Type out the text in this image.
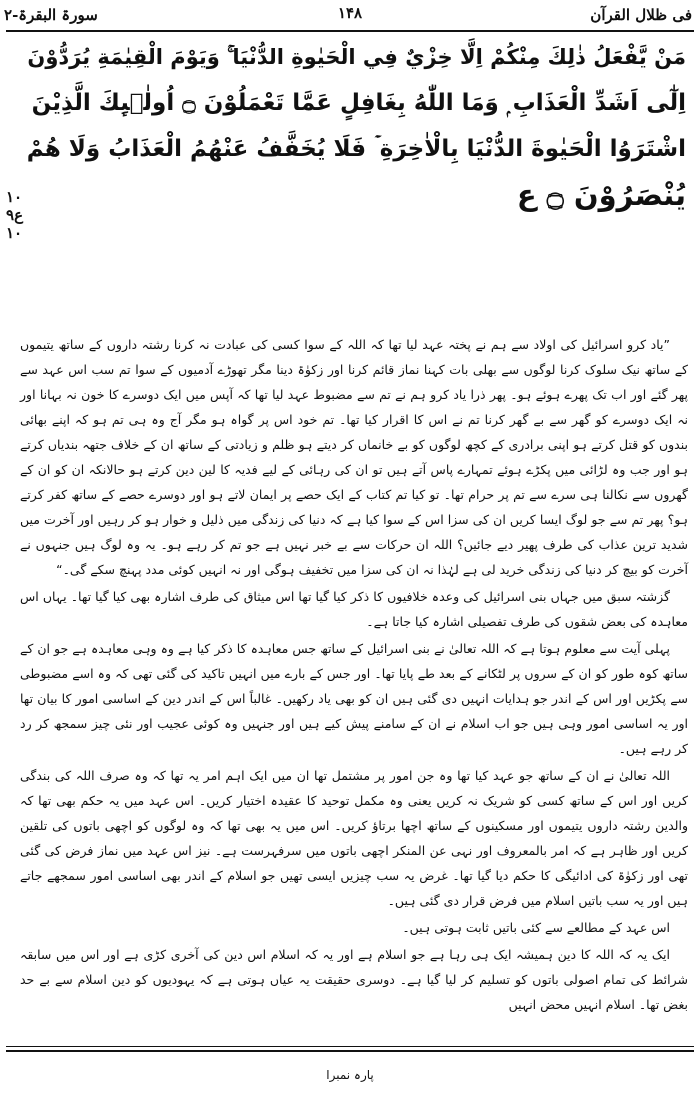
سورۃ البقرۃ-۲	۱۴۸	فی ظلال القرآن
۱۰
ع۹
۱۰
مَنْ يَّفْعَلُ ذٰلِكَ مِنْكُمْ اِلَّا خِزْيٌ فِي الْحَيٰوةِ الدُّنْيَا ۚ وَيَوْمَ الْقِيٰمَةِ يُرَدُّوْنَ
اِلٰٓى اَشَدِّ الْعَذَابِ ۭ وَمَا اللّٰهُ بِغَافِلٍ عَمَّا تَعْمَلُوْنَ ۝ اُولٰۗىِٕكَ الَّذِيْنَ
اشْتَرَوُا الْحَيٰوةَ الدُّنْيَا بِالْاٰخِرَةِ ۡ فَلَا يُخَفَّفُ عَنْهُمُ الْعَذَابُ وَلَا هُمْ
يُنْصَرُوْنَ ۝ ع

”یاد کرو اسرائیل کی اولاد سے ہم نے پختہ عہد لیا تھا کہ اللہ کے سوا کسی کی عبادت نہ کرنا رشتہ داروں کے ساتھ یتیموں کے ساتھ نیک سلوک کرنا لوگوں سے بھلی بات کہنا نماز قائم کرنا اور زکوٰۃ دینا مگر تھوڑے آدمیوں کے سوا تم سب اس عہد سے پھر گئے اور اب تک پھرے ہوئے ہو۔ پھر ذرا یاد کرو ہم نے تم سے مضبوط عہد لیا تھا کہ آپس میں ایک دوسرے کا خون نہ بہانا اور نہ ایک دوسرے کو گھر سے بے گھر کرنا تم نے اس کا اقرار کیا تھا۔ تم خود اس پر گواہ ہو مگر آج وہ ہی تم ہو کہ اپنے بھائی بندوں کو قتل کرتے ہو اپنی برادری کے کچھ لوگوں کو بے خانماں کر دیتے ہو ظلم و زیادتی کے ساتھ ان کے خلاف جتھہ بندیاں کرتے ہو اور جب وہ لڑائی میں پکڑے ہوئے تمہارے پاس آتے ہیں تو ان کی رہائی کے لیے فدیہ کا لین دین کرتے ہو حالانکہ ان کو ان کے گھروں سے نکالنا ہی سرے سے تم پر حرام تھا۔ تو کیا تم کتاب کے ایک حصے پر ایمان لاتے ہو اور دوسرے حصے کے ساتھ کفر کرتے ہو؟ پھر تم سے جو لوگ ایسا کریں ان کی سزا اس کے سوا کیا ہے کہ دنیا کی زندگی میں ذلیل و خوار ہو کر رہیں اور آخرت میں شدید ترین عذاب کی طرف پھیر دیے جائیں؟ اللہ ان حرکات سے بے خبر نہیں ہے جو تم کر رہے ہو۔ یہ وہ لوگ ہیں جنہوں نے آخرت کو بیچ کر دنیا کی زندگی خرید لی ہے لہٰذا نہ ان کی سزا میں تخفیف ہوگی اور نہ انہیں کوئی مدد پہنچ سکے گی۔“

گزشتہ سبق میں جہاں بنی اسرائیل کی وعدہ خلافیوں کا ذکر کیا گیا تھا اس میثاق کی طرف اشارہ بھی کیا گیا تھا۔ یہاں اس معاہدہ کی بعض شقوں کی طرف تفصیلی اشارہ کیا جاتا ہے۔

پہلی آیت سے معلوم ہوتا ہے کہ اللہ تعالیٰ نے بنی اسرائیل کے ساتھ جس معاہدہ کا ذکر کیا ہے وہ وہی معاہدہ ہے جو ان کے ساتھ کوہ طور کو ان کے سروں پر لٹکانے کے بعد طے پایا تھا۔ اور جس کے بارے میں انہیں تاکید کی گئی تھی کہ وہ اسے مضبوطی سے پکڑیں اور اس کے اندر جو ہدایات انہیں دی گئی ہیں ان کو بھی یاد رکھیں۔ غالباً اس کے اندر دین کے اساسی امور کا بیان تھا اور یہ اساسی امور وہی ہیں جو اب اسلام نے ان کے سامنے پیش کیے ہیں اور جنہیں وہ کوئی عجیب اور نئی چیز سمجھ کر رد کر رہے ہیں۔

اللہ تعالیٰ نے ان کے ساتھ جو عہد کیا تھا وہ جن امور پر مشتمل تھا ان میں ایک اہم امر یہ تھا کہ وہ صرف اللہ کی بندگی کریں اور اس کے ساتھ کسی کو شریک نہ کریں یعنی وہ مکمل توحید کا عقیدہ اختیار کریں۔ اس عہد میں یہ حکم بھی تھا کہ والدین رشتہ داروں یتیموں اور مسکینوں کے ساتھ اچھا برتاؤ کریں۔ اس میں یہ بھی تھا کہ وہ لوگوں کو اچھی باتوں کی تلقین کریں اور ظاہر ہے کہ امر بالمعروف اور نہی عن المنکر اچھی باتوں میں سرفہرست ہے۔ نیز اس عہد میں نماز فرض کی گئی تھی اور زکوٰۃ کی ادائیگی کا حکم دیا گیا تھا۔ غرض یہ سب چیزیں ایسی تھیں جو اسلام کے اندر بھی اساسی امور سمجھے جاتے ہیں اور یہ سب باتیں اسلام میں فرض قرار دی گئی ہیں۔

اس عہد کے مطالعے سے کئی باتیں ثابت ہوتی ہیں۔

ایک یہ کہ اللہ کا دین ہمیشہ ایک ہی رہا ہے جو اسلام ہے اور یہ کہ اسلام اس دین کی آخری کڑی ہے اور اس میں سابقہ شرائط کی تمام اصولی باتوں کو تسلیم کر لیا گیا ہے۔ دوسری حقیقت یہ عیاں ہوتی ہے کہ یہودیوں کو دین اسلام سے بے حد بغض تھا۔ اسلام انہیں محض انہیں

پارہ نمبرا
